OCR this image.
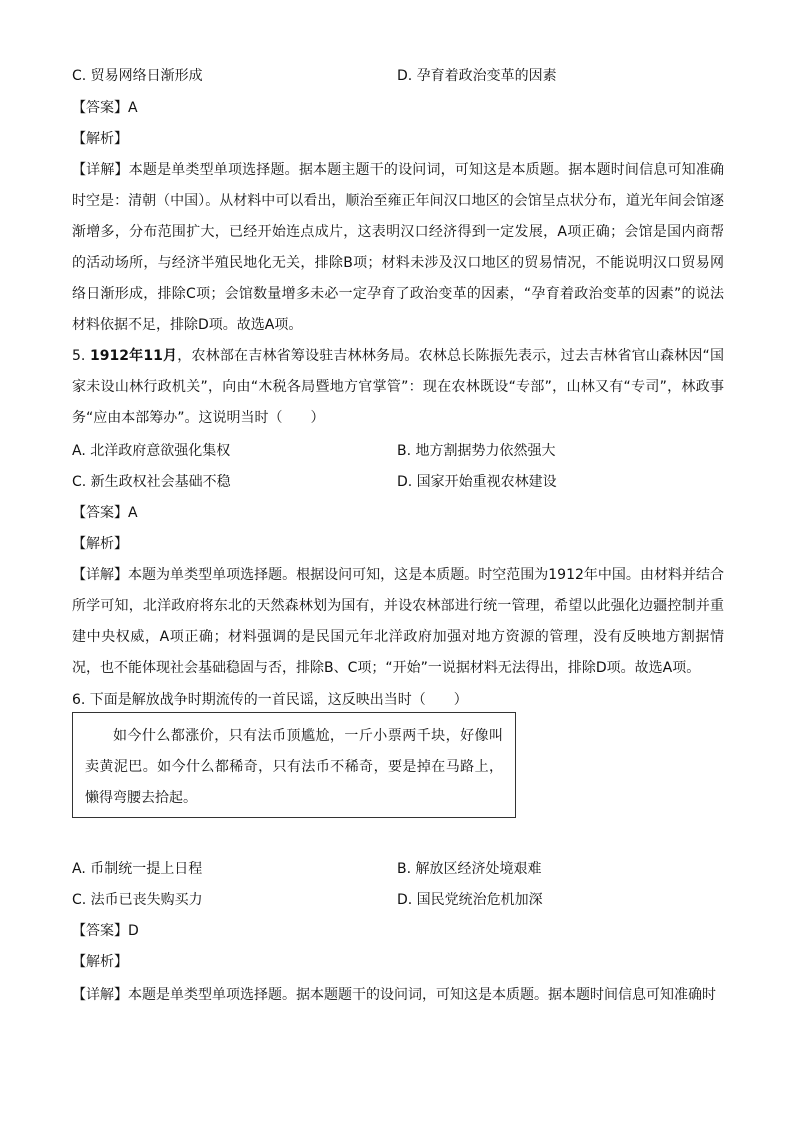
C. 贸易网络日渐形成	D. 孕育着政治变革的因素
【答案】A
【解析】
【详解】本题是单类型单项选择题。据本题主题干的设问词，可知这是本质题。据本题时间信息可知准确时空是：清朝（中国）。从材料中可以看出，顺治至雍正年间汉口地区的会馆呈点状分布，道光年间会馆逐渐增多，分布范围扩大，已经开始连点成片，这表明汉口经济得到一定发展，A项正确；会馆是国内商帮的活动场所，与经济半殖民地化无关，排除B项；材料未涉及汉口地区的贸易情况，不能说明汉口贸易网络日渐形成，排除C项；会馆数量增多未必一定孕育了政治变革的因素，“孕育着政治变革的因素”的说法材料依据不足，排除D项。故选A项。
5. 1912年11月，农林部在吉林省筹设驻吉林林务局。农林总长陈振先表示，过去吉林省官山森林因“国家未设山林行政机关”，向由“木税各局暨地方官掌管”：现在农林既设“专部”，山林又有“专司”，林政事务“应由本部筹办”。这说明当时（　　）
A. 北洋政府意欲强化集权	B. 地方割据势力依然强大
C. 新生政权社会基础不稳	D. 国家开始重视农林建设
【答案】A
【解析】
【详解】本题为单类型单项选择题。根据设问可知，这是本质题。时空范围为1912年中国。由材料并结合所学可知，北洋政府将东北的天然森林划为国有，并设农林部进行统一管理，希望以此强化边疆控制并重建中央权威，A项正确；材料强调的是民国元年北洋政府加强对地方资源的管理，没有反映地方割据情况，也不能体现社会基础稳固与否，排除B、C项；“开始”一说据材料无法得出，排除D项。故选A项。
6. 下面是解放战争时期流传的一首民谣，这反映出当时（　　）
如今什么都涨价，只有法币顶尴尬，一斤小票两千块，好像叫卖黄泥巴。如今什么都稀奇，只有法币不稀奇，要是掉在马路上，懒得弯腰去拾起。
A. 币制统一提上日程	B. 解放区经济处境艰难
C. 法币已丧失购买力	D. 国民党统治危机加深
【答案】D
【解析】
【详解】本题是单类型单项选择题。据本题题干的设问词，可知这是本质题。据本题时间信息可知准确时
